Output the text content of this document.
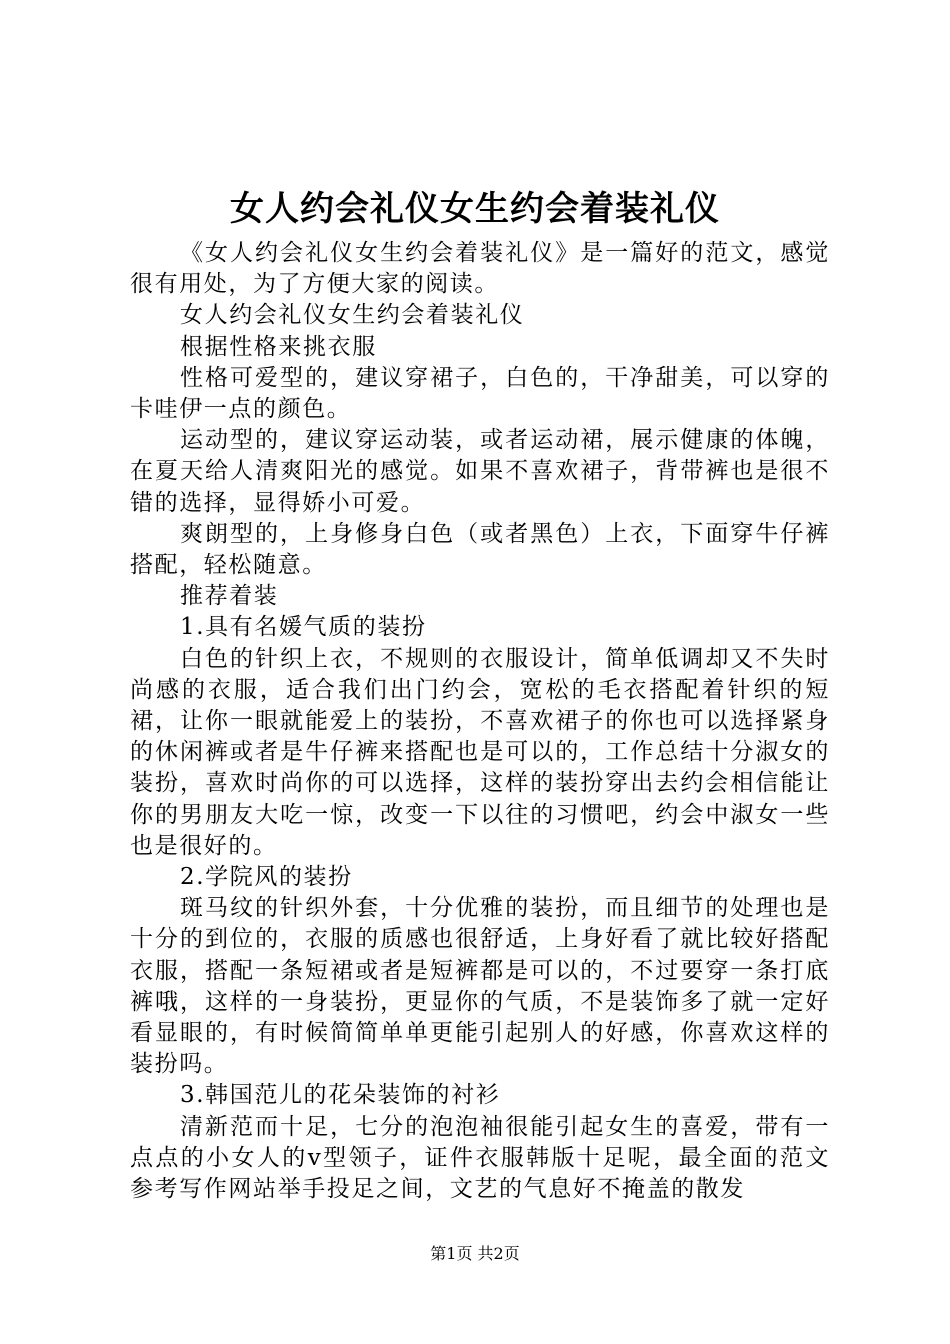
女人约会礼仪女生约会着装礼仪

《女人约会礼仪女生约会着装礼仪》是一篇好的范文，感觉很有用处，为了方便大家的阅读。

女人约会礼仪女生约会着装礼仪

根据性格来挑衣服

性格可爱型的，建议穿裙子，白色的，干净甜美，可以穿的卡哇伊一点的颜色。

运动型的，建议穿运动装，或者运动裙，展示健康的体魄，在夏天给人清爽阳光的感觉。如果不喜欢裙子，背带裤也是很不错的选择，显得娇小可爱。

爽朗型的，上身修身白色（或者黑色）上衣，下面穿牛仔裤搭配，轻松随意。

推荐着装

1.具有名媛气质的装扮

白色的针织上衣，不规则的衣服设计，简单低调却又不失时尚感的衣服，适合我们出门约会，宽松的毛衣搭配着针织的短裙，让你一眼就能爱上的装扮，不喜欢裙子的你也可以选择紧身的休闲裤或者是牛仔裤来搭配也是可以的，工作总结十分淑女的装扮，喜欢时尚你的可以选择，这样的装扮穿出去约会相信能让你的男朋友大吃一惊，改变一下以往的习惯吧，约会中淑女一些也是很好的。

2.学院风的装扮

斑马纹的针织外套，十分优雅的装扮，而且细节的处理也是十分的到位的，衣服的质感也很舒适，上身好看了就比较好搭配衣服，搭配一条短裙或者是短裤都是可以的，不过要穿一条打底裤哦，这样的一身装扮，更显你的气质，不是装饰多了就一定好看显眼的，有时候简简单单更能引起别人的好感，你喜欢这样的装扮吗。

3.韩国范儿的花朵装饰的衬衫

清新范而十足，七分的泡泡袖很能引起女生的喜爱，带有一点点的小女人的v型领子，证件衣服韩版十足呢，最全面的范文参考写作网站举手投足之间，文艺的气息好不掩盖的散发

第1页 共2页
